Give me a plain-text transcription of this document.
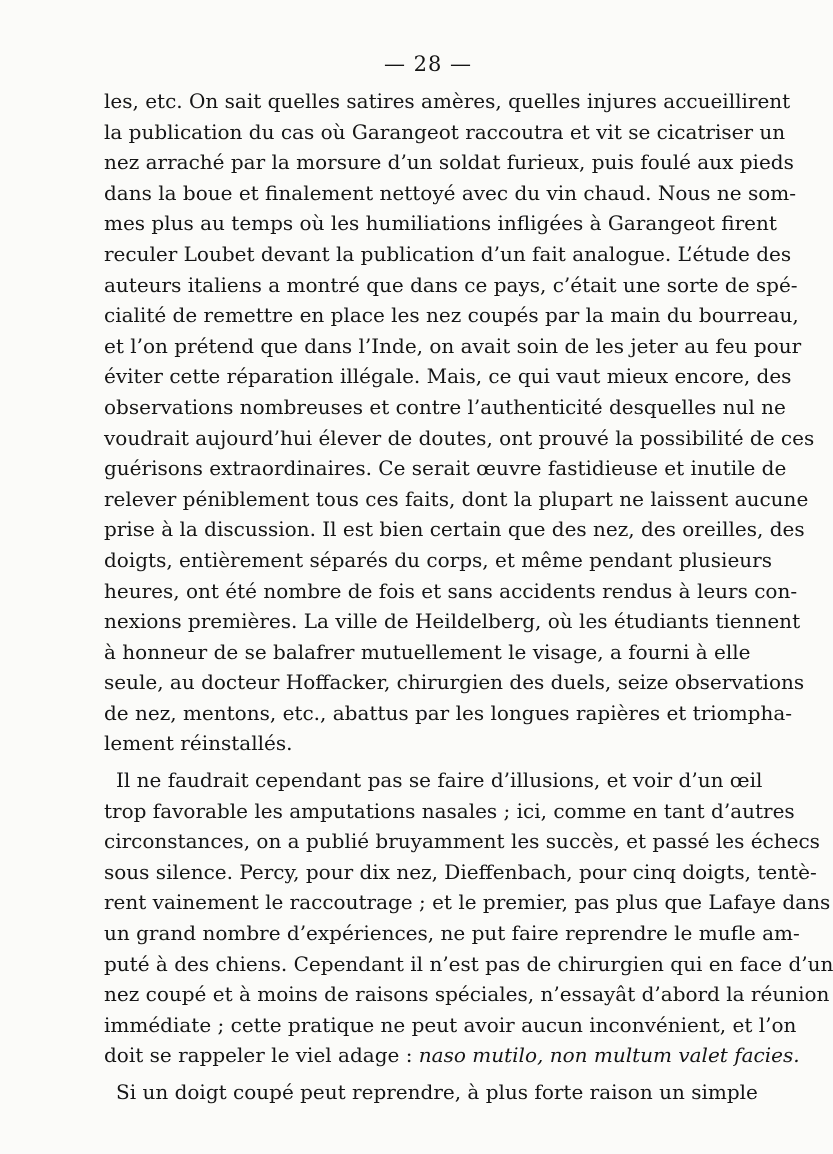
— 28 —
les, etc. On sait quelles satires amères, quelles injures accueillirent
la publication du cas où Garangeot raccoutra et vit se cicatriser un
nez arraché par la morsure d’un soldat furieux, puis foulé aux pieds
dans la boue et finalement nettoyé avec du vin chaud. Nous ne som-
mes plus au temps où les humiliations infligées à Garangeot firent
reculer Loubet devant la publication d’un fait analogue. L’étude des
auteurs italiens a montré que dans ce pays, c’était une sorte de spé-
cialité de remettre en place les nez coupés par la main du bourreau,
et l’on prétend que dans l’Inde, on avait soin de les jeter au feu pour
éviter cette réparation illégale. Mais, ce qui vaut mieux encore, des
observations nombreuses et contre l’authenticité desquelles nul ne
voudrait aujourd’hui élever de doutes, ont prouvé la possibilité de ces
guérisons extraordinaires. Ce serait œuvre fastidieuse et inutile de
relever péniblement tous ces faits, dont la plupart ne laissent aucune
prise à la discussion. Il est bien certain que des nez, des oreilles, des
doigts, entièrement séparés du corps, et même pendant plusieurs
heures, ont été nombre de fois et sans accidents rendus à leurs con-
nexions premières. La ville de Heildelberg, où les étudiants tiennent
à honneur de se balafrer mutuellement le visage, a fourni à elle
seule, au docteur Hoffacker, chirurgien des duels, seize observations
de nez, mentons, etc., abattus par les longues rapières et triompha-
lement réinstallés.
Il ne faudrait cependant pas se faire d’illusions, et voir d’un œil
trop favorable les amputations nasales ; ici, comme en tant d’autres
circonstances, on a publié bruyamment les succès, et passé les échecs
sous silence. Percy, pour dix nez, Dieffenbach, pour cinq doigts, tentè-
rent vainement le raccoutrage ; et le premier, pas plus que Lafaye dans
un grand nombre d’expériences, ne put faire reprendre le mufle am-
puté à des chiens. Cependant il n’est pas de chirurgien qui en face d’un
nez coupé et à moins de raisons spéciales, n’essayât d’abord la réunion
immédiate ; cette pratique ne peut avoir aucun inconvénient, et l’on
doit se rappeler le viel adage : naso mutilo, non multum valet facies.
Si un doigt coupé peut reprendre, à plus forte raison un simple
